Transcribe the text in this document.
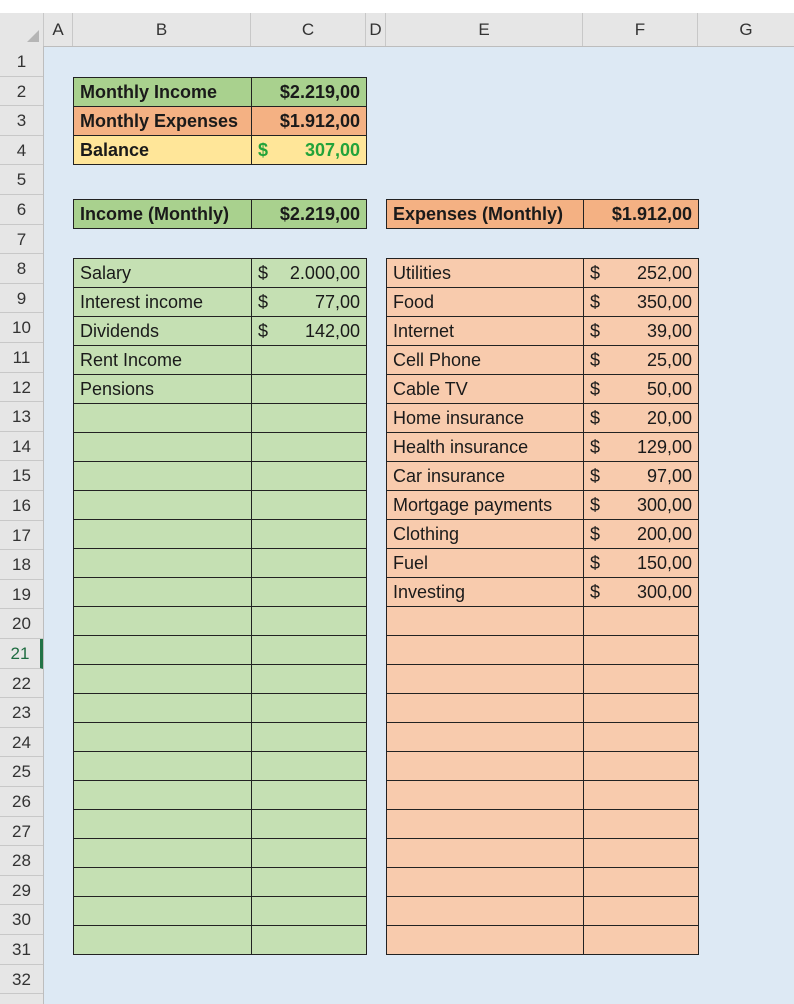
A	B	C	D	E	F	G
1
2
3
4
5
6
7
8
9
10
11
12
13
14
15
16
17
18
19
20
21
22
23
24
25
26
27
28
29
30
31
32
Monthly Income	$2.219,00
Monthly Expenses	$1.912,00
Balance	$ 307,00
Income (Monthly)	$2.219,00 Expenses (Monthly)	$1.912,00
Salary	$ 2.000,00

Interest income	$ 77,00

Dividends	$ 142,00

Rent Income	

Pensions	

Utilities	$ 252,00

Food	$ 350,00

Internet	$ 39,00

Cell Phone	$ 25,00

Cable TV	$ 50,00

Home insurance	$ 20,00

Health insurance	$ 129,00

Car insurance	$ 97,00

Mortgage payments	$ 300,00

Clothing	$ 200,00

Fuel	$ 150,00

Investing	$ 300,00
